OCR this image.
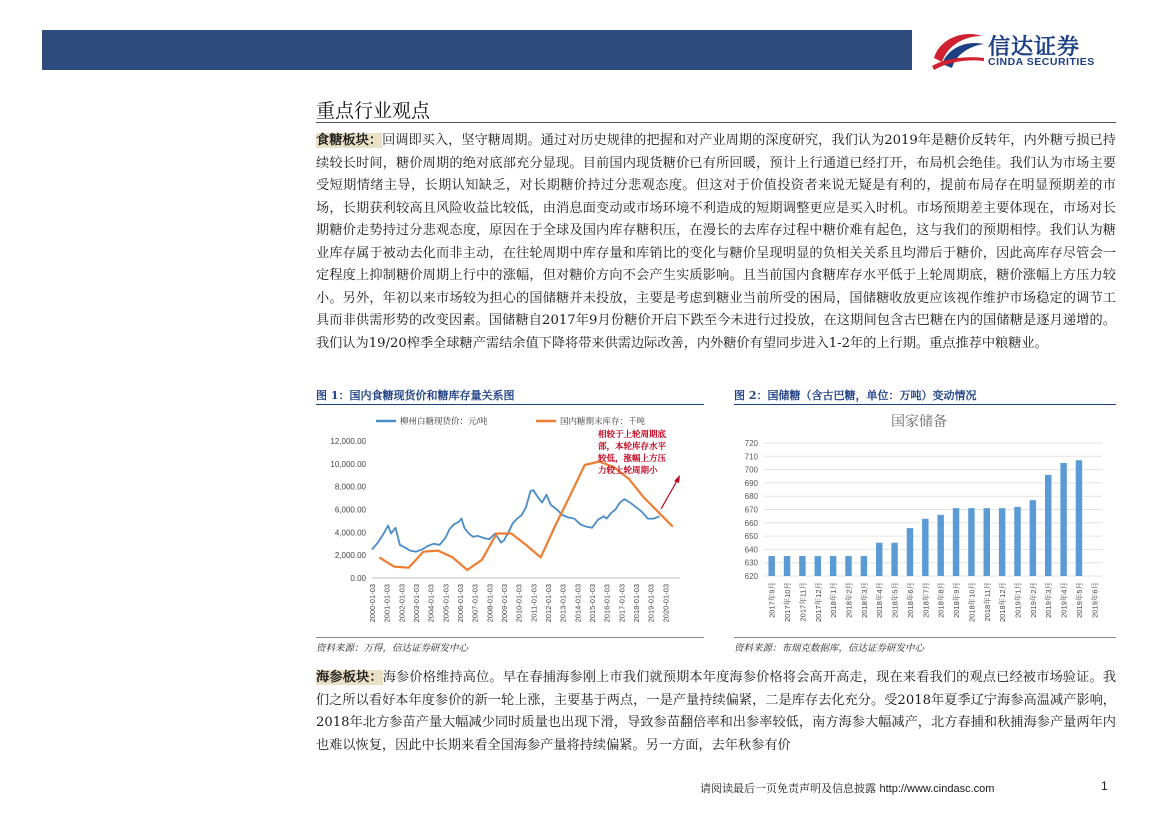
信达证券
CINDA SECURITIES
重点行业观点
食糖板块：回调即买入，坚守糖周期。通过对历史规律的把握和对产业周期的深度研究，我们认为2019年是糖价反转年，内外糖亏损已持续较长时间，糖价周期的绝对底部充分显现。目前国内现货糖价已有所回暖，预计上行通道已经打开，布局机会绝佳。我们认为市场主要受短期情绪主导，长期认知缺乏，对长期糖价持过分悲观态度。但这对于价值投资者来说无疑是有利的，提前布局存在明显预期差的市场，长期获利较高且风险收益比较低，由消息面变动或市场环境不利造成的短期调整更应是买入时机。市场预期差主要体现在，市场对长期糖价走势持过分悲观态度，原因在于全球及国内库存糖积压，在漫长的去库存过程中糖价难有起色，这与我们的预期相悖。我们认为糖业库存属于被动去化而非主动，在往轮周期中库存量和库销比的变化与糖价呈现明显的负相关关系且均滞后于糖价，因此高库存尽管会一定程度上抑制糖价周期上行中的涨幅，但对糖价方向不会产生实质影响。且当前国内食糖库存水平低于上轮周期底，糖价涨幅上方压力较小。另外，年初以来市场较为担心的国储糖并未投放，主要是考虑到糖业当前所受的困局，国储糖收放更应该视作维护市场稳定的调节工具而非供需形势的改变因素。国储糖自2017年9月份糖价开启下跌至今未进行过投放，在这期间包含古巴糖在内的国储糖是逐月递增的。我们认为19/20榨季全球糖产需结余值下降将带来供需边际改善，内外糖价有望同步进入1-2年的上行期。重点推荐中粮糖业。
图 1：国内食糖现货价和糖库存量关系图
柳州白糖现货价：元/吨	国内糖期末库存：千吨
0.00
2,000.00
4,000.00
6,000.00
8,000.00
10,000.00
12,000.00
2000-01-03 2001-01-03 2002-01-03 2003-01-03 2004-01-03 2005-01-03 2006-01-03 2007-01-03 2008-01-03 2009-01-03 2010-01-03 2011-01-03 2012-01-03 2013-01-03 2014-01-03 2015-01-03 2016-01-03 2017-01-03 2018-01-03 2019-01-03 2020-01-03
相较于上轮周期底
部，本轮库存水平
较低，涨幅上方压
力较上轮周期小
资料来源：万得，信达证券研发中心
图 2：国储糖（含古巴糖，单位：万吨）变动情况
国家储备
620
630
640
650
660
670
680
690
700
710
720
2017年9月 2017年10月 2017年11月 2017年12月 2018年1月 2018年2月 2018年3月 2018年4月 2018年5月 2018年6月 2018年7月 2018年8月 2018年9月 2018年10月 2018年11月 2018年12月 2019年1月 2019年2月 2019年3月 2019年4月 2019年5月 2019年6月
资料来源：布瑞克数据库，信达证券研发中心
海参板块：海参价格维持高位。早在春捕海参刚上市我们就预期本年度海参价格将会高开高走，现在来看我们的观点已经被市场验证。我们之所以看好本年度参价的新一轮上涨，主要基于两点，一是产量持续偏紧，二是库存去化充分。受2018年夏季辽宁海参高温减产影响，2018年北方参苗产量大幅减少同时质量也出现下滑，导致参苗翻倍率和出参率较低，南方海参大幅减产，北方春捕和秋捕海参产量两年内也难以恢复，因此中长期来看全国海参产量将持续偏紧。另一方面，去年秋参有价
请阅读最后一页免责声明及信息披露 http://www.cindasc.com	1
